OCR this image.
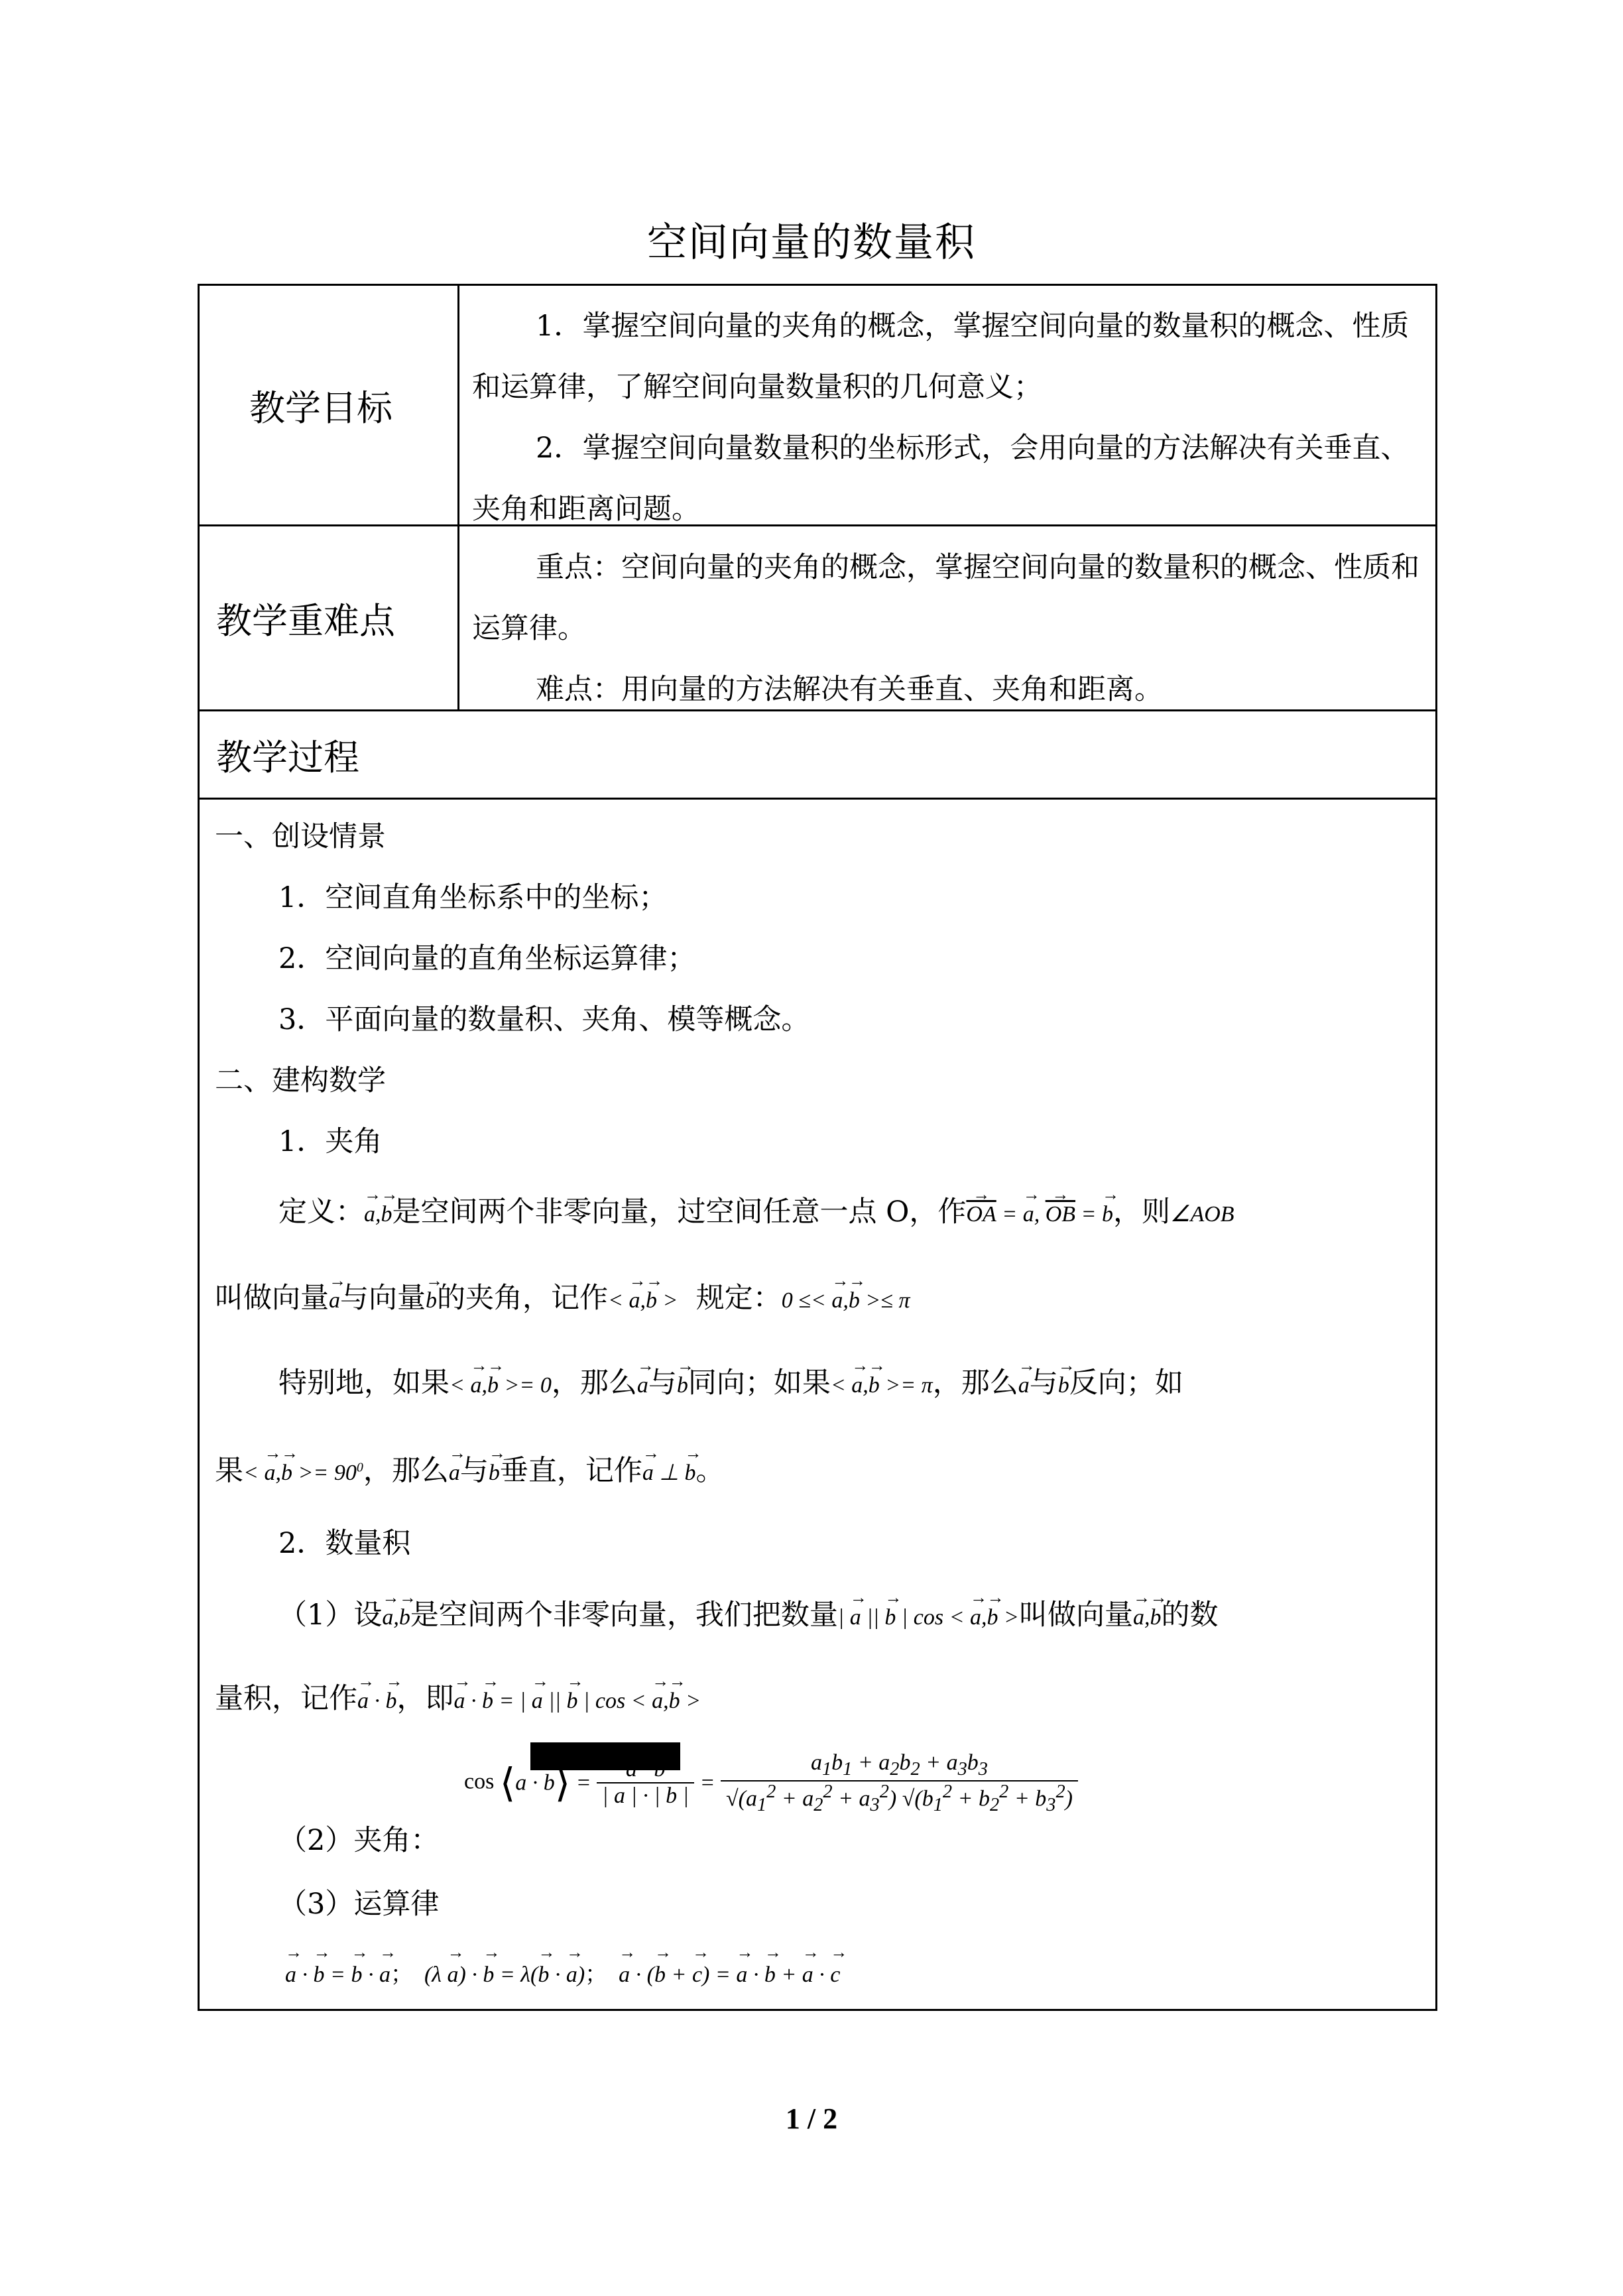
空间向量的数量积
教学目标
1．掌握空间向量的夹角的概念，掌握空间向量的数量积的概念、性质和运算律，了解空间向量数量积的几何意义；
2．掌握空间向量数量积的坐标形式，会用向量的方法解决有关垂直、夹角和距离问题。
教学重难点
重点：空间向量的夹角的概念，掌握空间向量的数量积的概念、性质和运算律。
难点：用向量的方法解决有关垂直、夹角和距离。
教学过程
一、创设情景
1．空间直角坐标系中的坐标；
2．空间向量的直角坐标运算律；
3．平面向量的数量积、夹角、模等概念。
二、建构数学
1．夹角
定义：→ a,→ b是空间两个非零向量，过空间任意一点 O，作→ $\overline{OA}$ = → a, → $\overline{OB}$ = → b，则∠AOB
叫做向量→ a与向量→ b的夹角，记作< → a,→ b > 规定：0 ≤< → a,→ b >≤ π
特别地，如果< → a,→ b >= 0，那么→ a与→ b同向；如果< → a,→ b >= π，那么→ a与→ b反向；如
果< → $a,\to b >= 90^0$，那么→ a与→ b垂直，记作→ a ⊥ → b。
2．数量积
（1）设→ a,→ b是空间两个非零向量，我们把数量| → a || → b | cos < → a,→ b >叫做向量→ a,→ b的数
量积，记作→ a · → b，即→ a · → b = | → a || → b | cos < → a,→ b >
cos ⟨a · b⟩ = $\frac{a \cdot b}{| a | \cdot | b |} = \frac{a_1b_1 + a_2b_2 + a_3b_3}{√(a_1^2 + a_2^2 + a_3^2) √(b_1^2 + b_2^2 + b_3^2)}$
（2）夹角：
（3）运算律
→ a · → b = → b · → a；  (λ → a) · → b = λ(→ b · → a)； → a · (→ b + → c) = → a · → b + → a · → c
1 / 2
